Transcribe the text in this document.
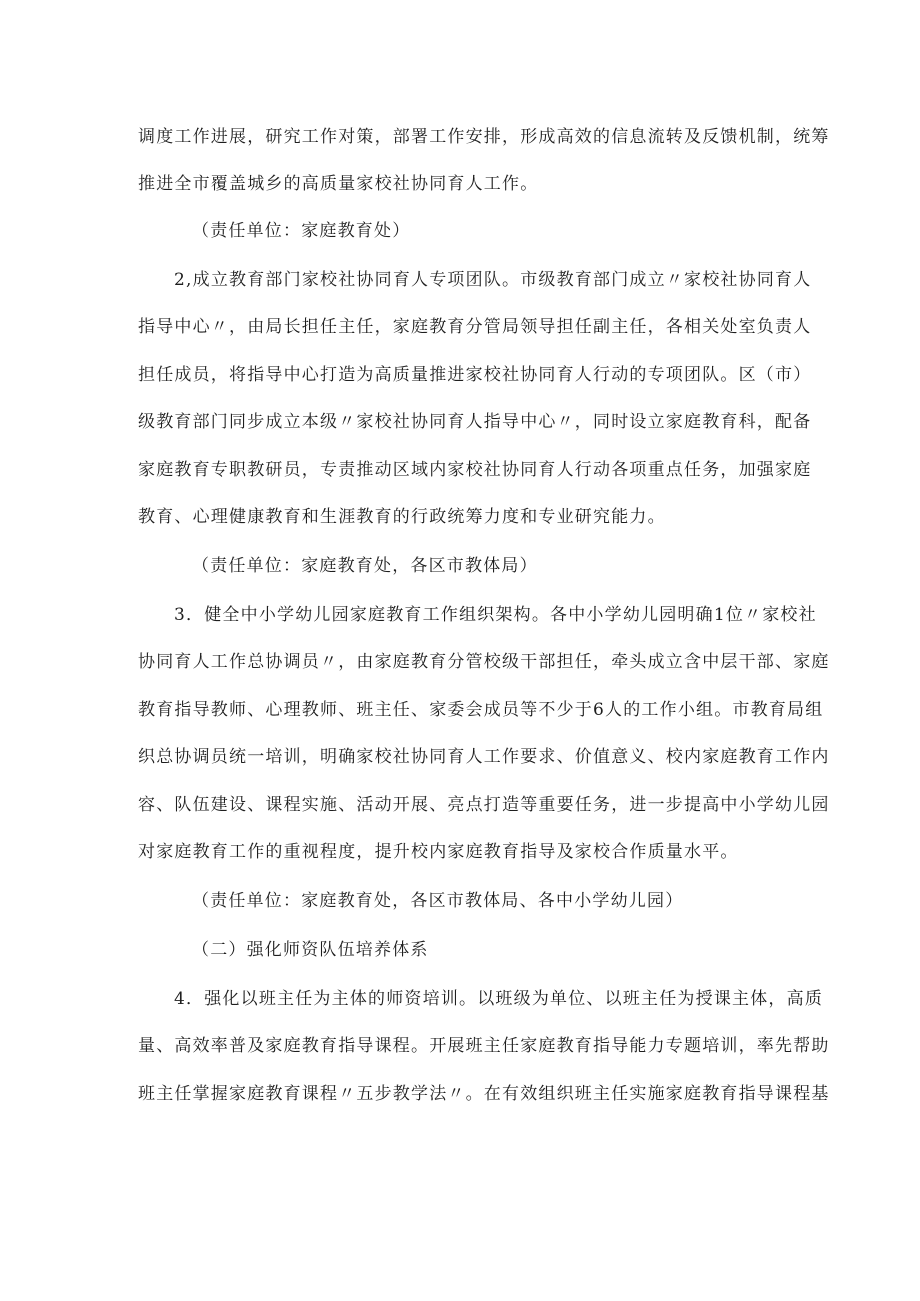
调度工作进展，研究工作对策，部署工作安排，形成高效的信息流转及反馈机制，统筹
推进全市覆盖城乡的高质量家校社协同育人工作。
（责任单位：家庭教育处）
2,成立教育部门家校社协同育人专项团队。市级教育部门成立〃家校社协同育人
指导中心〃，由局长担任主任，家庭教育分管局领导担任副主任，各相关处室负责人
担任成员，将指导中心打造为高质量推进家校社协同育人行动的专项团队。区（市）
级教育部门同步成立本级〃家校社协同育人指导中心〃，同时设立家庭教育科，配备
家庭教育专职教研员，专责推动区域内家校社协同育人行动各项重点任务，加强家庭
教育、心理健康教育和生涯教育的行政统筹力度和专业研究能力。
（责任单位：家庭教育处，各区市教体局）
3．健全中小学幼儿园家庭教育工作组织架构。各中小学幼儿园明确1位〃家校社
协同育人工作总协调员〃，由家庭教育分管校级干部担任，牵头成立含中层干部、家庭
教育指导教师、心理教师、班主任、家委会成员等不少于6人的工作小组。市教育局组
织总协调员统一培训，明确家校社协同育人工作要求、价值意义、校内家庭教育工作内
容、队伍建设、课程实施、活动开展、亮点打造等重要任务，进一步提高中小学幼儿园
对家庭教育工作的重视程度，提升校内家庭教育指导及家校合作质量水平。
（责任单位：家庭教育处，各区市教体局、各中小学幼儿园）
（二）强化师资队伍培养体系
4．强化以班主任为主体的师资培训。以班级为单位、以班主任为授课主体，高质
量、高效率普及家庭教育指导课程。开展班主任家庭教育指导能力专题培训，率先帮助
班主任掌握家庭教育课程〃五步教学法〃。在有效组织班主任实施家庭教育指导课程基
